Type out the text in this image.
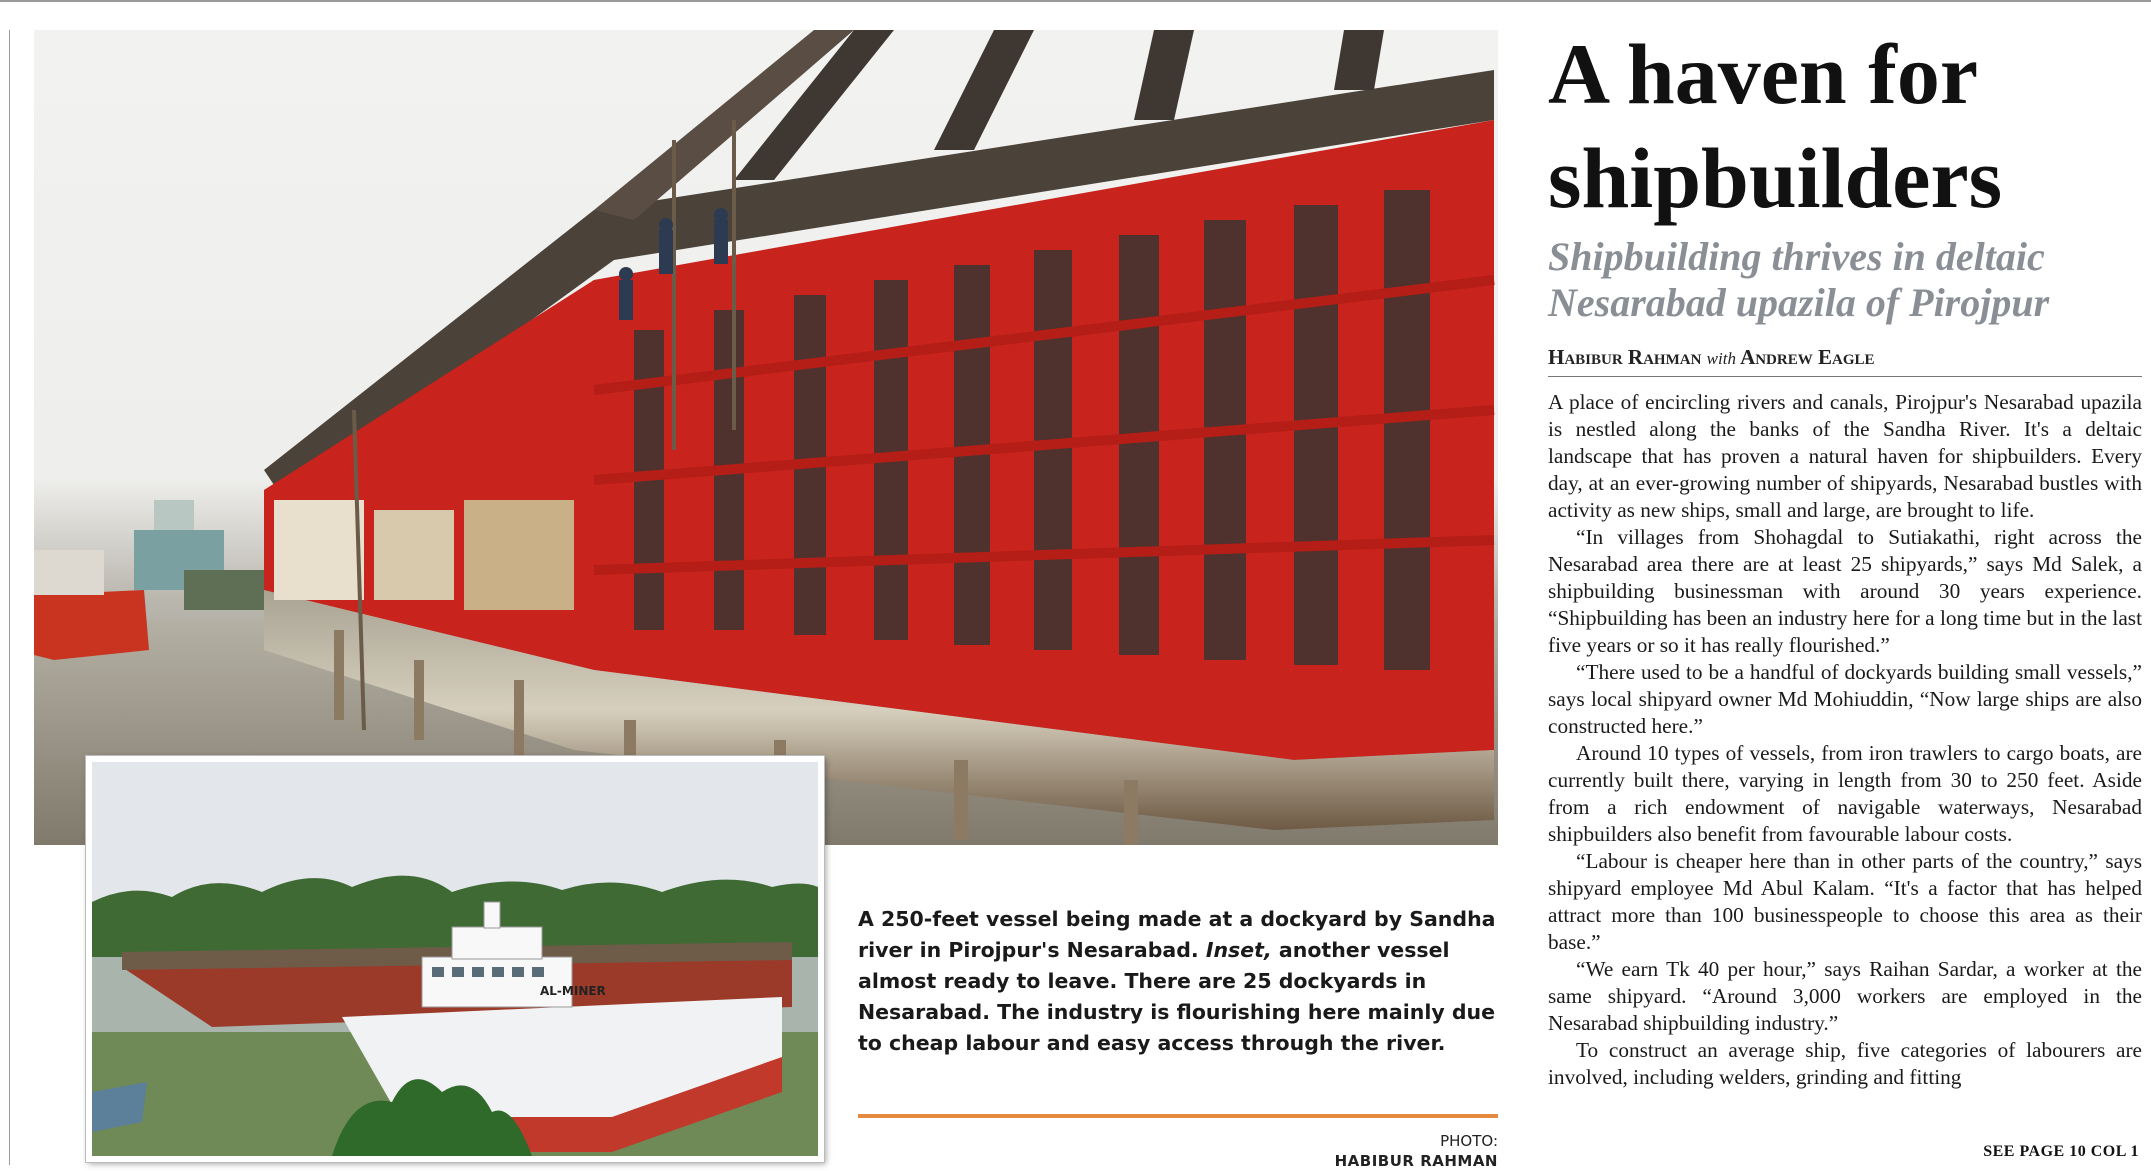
AL-MINER
A 250-feet vessel being made at a dockyard by Sandha river in Pirojpur's Nesarabad. Inset, another vessel almost ready to leave. There are 25 dockyards in Nesarabad. The industry is flourishing here mainly due to cheap labour and easy access through the river.
PHOTO:
HABIBUR RAHMAN
A haven for shipbuilders
Shipbuilding thrives in deltaic Nesarabad upazila of Pirojpur
Habibur Rahman with Andrew Eagle

A place of encircling rivers and canals, Pirojpur's Nesarabad upazila is nestled along the banks of the Sandha River. It's a deltaic landscape that has proven a natural haven for shipbuilders. Every day, at an ever-growing number of shipyards, Nesarabad bustles with activity as new ships, small and large, are brought to life.

“In villages from Shohagdal to Sutiakathi, right across the Nesarabad area there are at least 25 shipyards,” says Md Salek, a shipbuilding businessman with around 30 years experience. “Shipbuilding has been an industry here for a long time but in the last five years or so it has really flourished.”

“There used to be a handful of dockyards building small vessels,” says local shipyard owner Md Mohiuddin, “Now large ships are also constructed here.”

Around 10 types of vessels, from iron trawlers to cargo boats, are currently built there, varying in length from 30 to 250 feet. Aside from a rich endowment of navigable waterways, Nesarabad shipbuilders also benefit from favourable labour costs.

“Labour is cheaper here than in other parts of the country,” says shipyard employee Md Abul Kalam. “It's a factor that has helped attract more than 100 businesspeople to choose this area as their base.”

“We earn Tk 40 per hour,” says Raihan Sardar, a worker at the same shipyard. “Around 3,000 workers are employed in the Nesarabad shipbuilding industry.”

To construct an average ship, five categories of labourers are involved, including welders, grinding and fitting

SEE PAGE 10 COL 1
